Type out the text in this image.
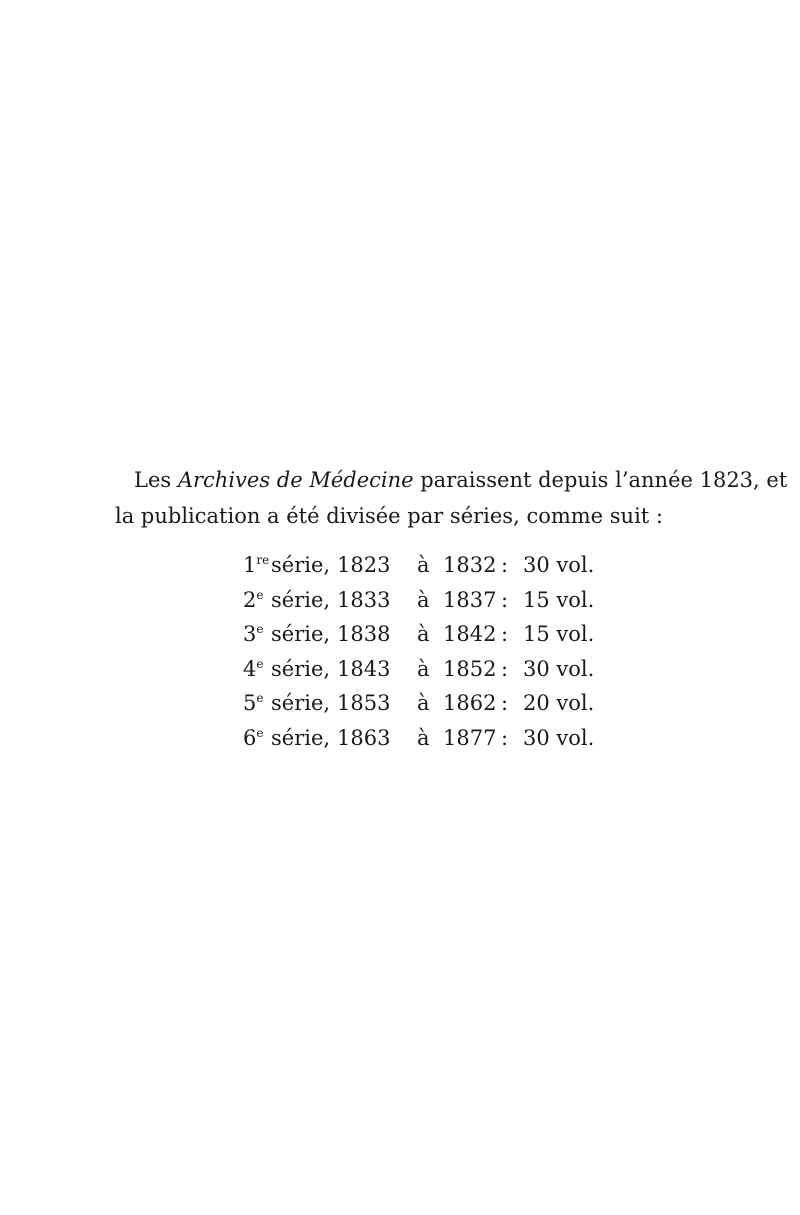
Les Archives de Médecine paraissent depuis l’année 1823, et
la publication a été divisée par séries, comme suit :
1re	série,	1823	à	1832	:	30 vol.
2e	série,	1833	à	1837	:	15 vol.
3e	série,	1838	à	1842	:	15 vol.
4e	série,	1843	à	1852	:	30 vol.
5e	série,	1853	à	1862	:	20 vol.
6e	série,	1863	à	1877	:	30 vol.
